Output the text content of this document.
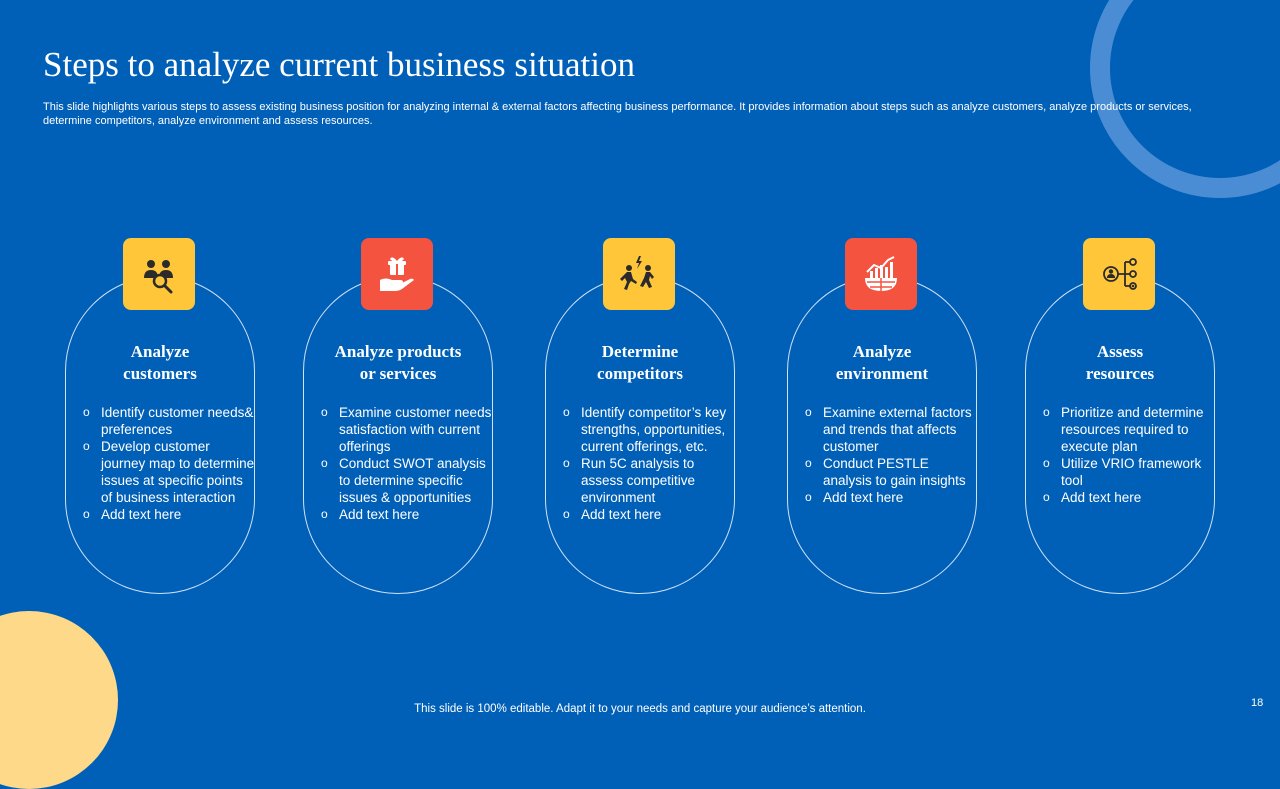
Steps to analyze current business situation
This slide highlights various steps to assess existing business position for analyzing internal & external factors affecting business performance. It provides information about steps such as analyze customers, analyze products or services, determine competitors, analyze environment and assess resources.
Analyze
customers
o Identify customer needs& preferences
o Develop customer journey map to determine issues at specific points of business interaction
o Add text here
Analyze products
or services
o Examine customer needs satisfaction with current offerings
o Conduct SWOT analysis to determine specific issues & opportunities
o Add text here
Determine
competitors
o Identify competitor’s key strengths, opportunities, current offerings, etc.
o Run 5C analysis to assess competitive environment
o Add text here
Analyze
environment
o Examine external factors and trends that affects customer
o Conduct PESTLE analysis to gain insights
o Add text here
Assess
resources
o Prioritize and determine resources required to execute plan
o Utilize VRIO framework tool
o Add text here
This slide is 100% editable. Adapt it to your needs and capture your audience’s attention.	18
